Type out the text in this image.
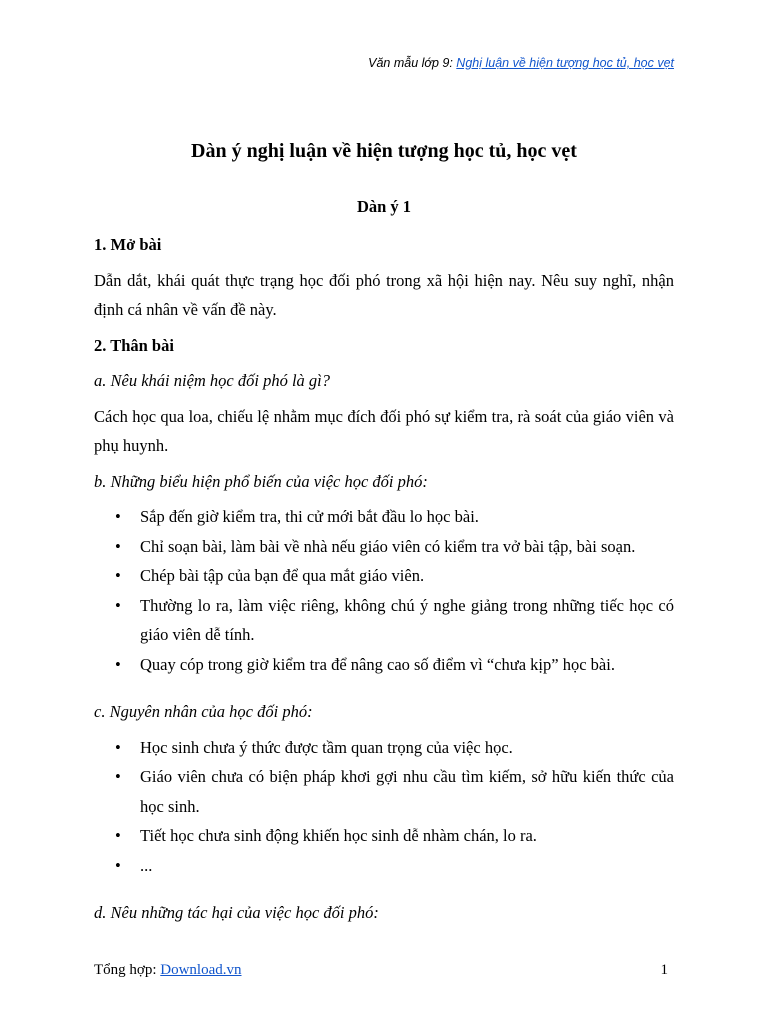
Văn mẫu lớp 9: Nghị luận về hiện tượng học tủ, học vẹt
Dàn ý nghị luận về hiện tượng học tủ, học vẹt
Dàn ý 1

1. Mở bài

Dẫn dắt, khái quát thực trạng học đối phó trong xã hội hiện nay. Nêu suy nghĩ, nhận định cá nhân về vấn đề này.

2. Thân bài

a. Nêu khái niệm học đối phó là gì?

Cách học qua loa, chiếu lệ nhằm mục đích đối phó sự kiểm tra, rà soát của giáo viên và phụ huynh.

b. Những biểu hiện phổ biến của việc học đối phó:

• Sắp đến giờ kiểm tra, thi cử mới bắt đầu lo học bài.
• Chỉ soạn bài, làm bài về nhà nếu giáo viên có kiểm tra vở bài tập, bài soạn.
• Chép bài tập của bạn để qua mắt giáo viên.
• Thường lo ra, làm việc riêng, không chú ý nghe giảng trong những tiếc học có giáo viên dễ tính.
• Quay cóp trong giờ kiểm tra để nâng cao số điểm vì “chưa kịp” học bài.

c. Nguyên nhân của học đối phó:

• Học sinh chưa ý thức được tầm quan trọng của việc học.
• Giáo viên chưa có biện pháp khơi gợi nhu cầu tìm kiếm, sở hữu kiến thức của học sinh.
• Tiết học chưa sinh động khiến học sinh dễ nhàm chán, lo ra.
• ...

d. Nêu những tác hại của việc học đối phó:

Tổng hợp: Download.vn	1
